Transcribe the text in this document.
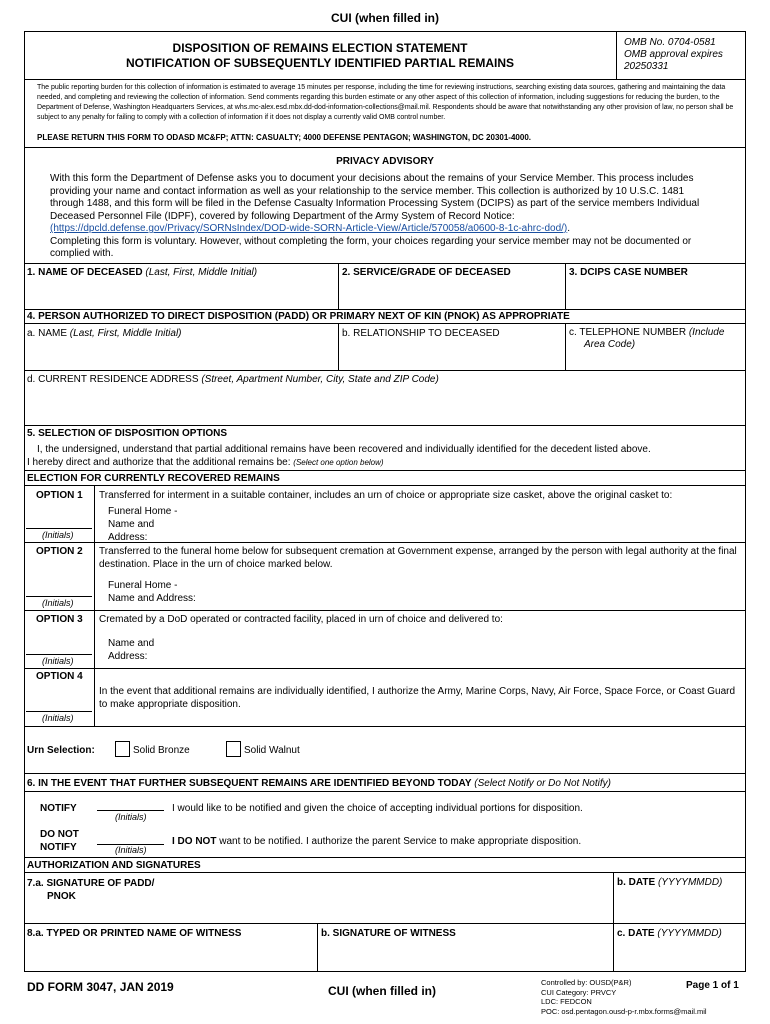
CUI (when filled in)
DISPOSITION OF REMAINS ELECTION STATEMENT
NOTIFICATION OF SUBSEQUENTLY IDENTIFIED PARTIAL REMAINS
OMB No. 0704-0581
OMB approval expires
20250331
The public reporting burden for this collection of information is estimated to average 15 minutes per response, including the time for reviewing instructions, searching existing data sources, gathering and maintaining the data needed, and completing and reviewing the collection of information. Send comments regarding this burden estimate or any other aspect of this collection of information, including suggestions for reducing the burden, to the Department of Defense, Washington Headquarters Services, at whs.mc-alex.esd.mbx.dd-dod-information-collections@mail.mil. Respondents should be aware that notwithstanding any other provision of law, no person shall be subject to any penalty for failing to comply with a collection of information if it does not display a currently valid OMB control number.
PLEASE RETURN THIS FORM TO ODASD MC&FP; ATTN: CASUALTY; 4000 DEFENSE PENTAGON; WASHINGTON, DC 20301-4000.
PRIVACY ADVISORY
With this form the Department of Defense asks you to document your decisions about the remains of your Service Member. This process includes
providing your name and contact information as well as your relationship to the service member. This collection is authorized by 10 U.S.C. 1481
through 1488, and this form will be filed in the Defense Casualty Information Processing System (DCIPS) as part of the service members Individual
Deceased Personnel File (IDPF), covered by following Department of the Army System of Record Notice:
(https://dpcld.defense.gov/Privacy/SORNsIndex/DOD-wide-SORN-Article-View/Article/570058/a0600-8-1c-ahrc-dod/).
Completing this form is voluntary. However, without completing the form, your choices regarding your service member may not be documented or
complied with.
1. NAME OF DECEASED (Last, First, Middle Initial)	2. SERVICE/GRADE OF DECEASED	3. DCIPS CASE NUMBER
4. PERSON AUTHORIZED TO DIRECT DISPOSITION (PADD) OR PRIMARY NEXT OF KIN (PNOK) AS APPROPRIATE
a. NAME (Last, First, Middle Initial)	b. RELATIONSHIP TO DECEASED	c. TELEPHONE NUMBER (Include
Area Code)
d. CURRENT RESIDENCE ADDRESS (Street, Apartment Number, City, State and ZIP Code)
5. SELECTION OF DISPOSITION OPTIONS
I, the undersigned, understand that partial additional remains have been recovered and individually identified for the decedent listed above.
I hereby direct and authorize that the additional remains be: (Select one option below)
ELECTION FOR CURRENTLY RECOVERED REMAINS
OPTION 1
(Initials)
Transferred for interment in a suitable container, includes an urn of choice or appropriate size casket, above the original casket to:
Funeral Home -
Name and
Address:
OPTION 2
(Initials)
Transferred to the funeral home below for subsequent cremation at Government expense, arranged by the person with legal authority at the final
destination. Place in the urn of choice marked below.
Funeral Home -
Name and Address:
OPTION 3
(Initials)
Cremated by a DoD operated or contracted facility, placed in urn of choice and delivered to:
Name and
Address:
OPTION 4
(Initials)
In the event that additional remains are individually identified, I authorize the Army, Marine Corps, Navy, Air Force, Space Force, or Coast Guard
to make appropriate disposition.
Urn Selection:	Solid Bronze	Solid Walnut
6. IN THE EVENT THAT FURTHER SUBSEQUENT REMAINS ARE IDENTIFIED BEYOND TODAY (Select Notify or Do Not Notify)
NOTIFY
(Initials)
I would like to be notified and given the choice of accepting individual portions for disposition.
DO NOT
NOTIFY	(Initials)
I DO NOT want to be notified. I authorize the parent Service to make appropriate disposition.
AUTHORIZATION AND SIGNATURES
7.a. SIGNATURE OF PADD/
PNOK
b. DATE (YYYYMMDD)
8.a. TYPED OR PRINTED NAME OF WITNESS	b. SIGNATURE OF WITNESS	c. DATE (YYYYMMDD)
DD FORM 3047, JAN 2019	CUI (when filled in)
Controlled by: OUSD(P&R)
CUI Category: PRVCY
LDC: FEDCON
POC: osd.pentagon.ousd-p-r.mbx.forms@mail.mil
Page 1 of 1
